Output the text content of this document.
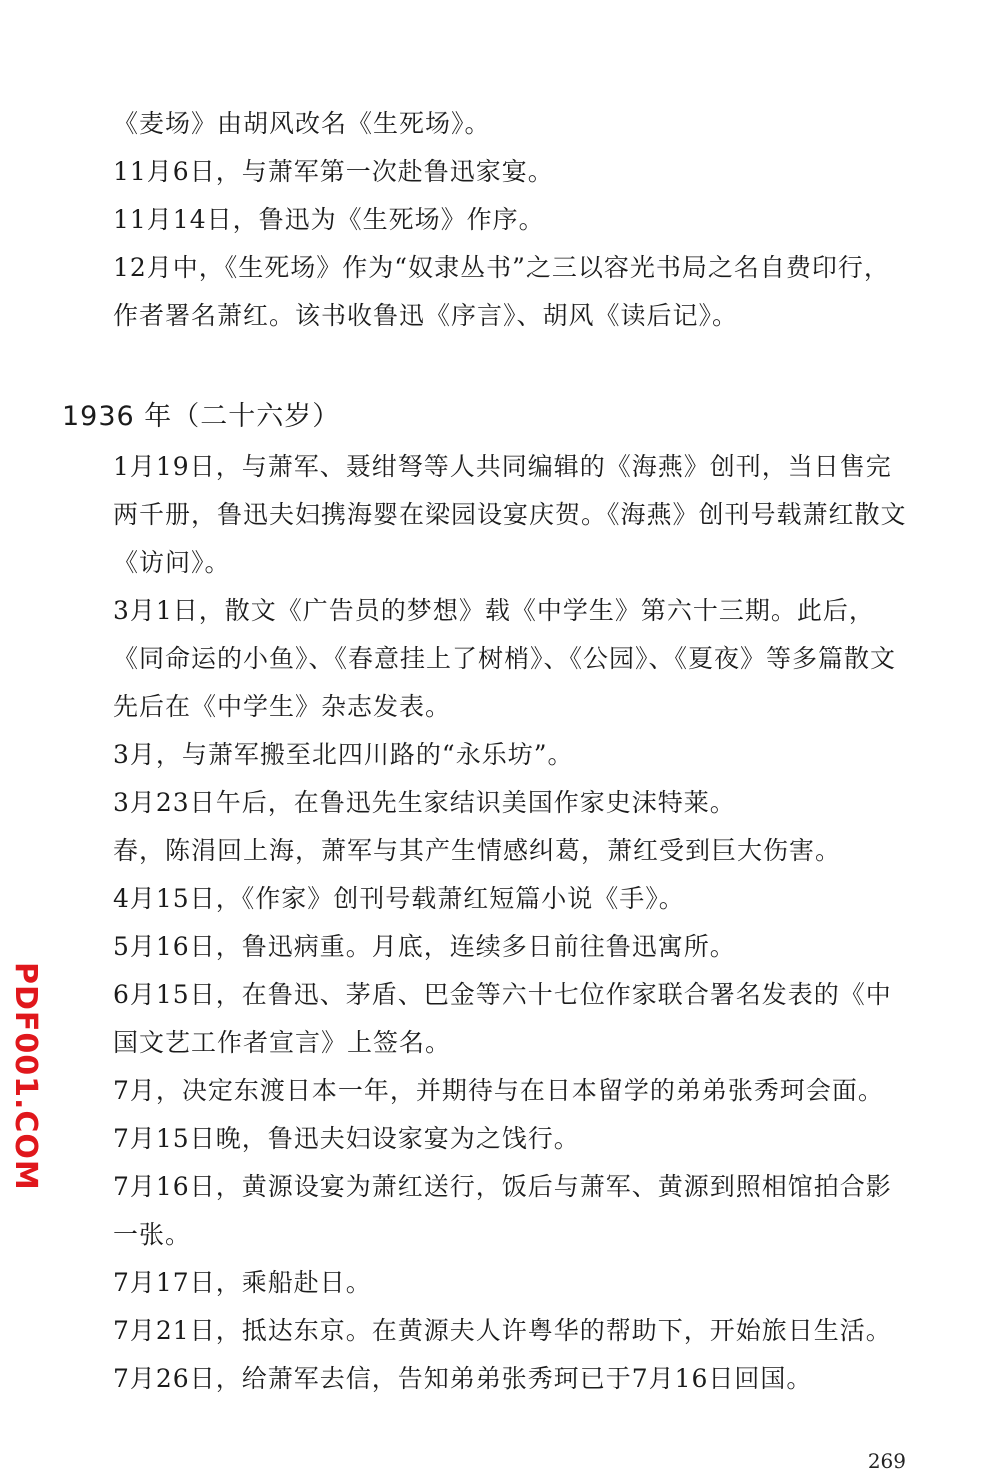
《麦场》由胡风改名《生死场》。
11月6日，与萧军第一次赴鲁迅家宴。
11月14日，鲁迅为《生死场》作序。
12月中，《生死场》作为“奴隶丛书”之三以容光书局之名自费印行，
作者署名萧红。该书收鲁迅《序言》、胡风《读后记》。
1月19日，与萧军、聂绀弩等人共同编辑的《海燕》创刊，当日售完
两千册，鲁迅夫妇携海婴在梁园设宴庆贺。《海燕》创刊号载萧红散文
《访问》。
3月1日，散文《广告员的梦想》载《中学生》第六十三期。此后，
《同命运的小鱼》、《春意挂上了树梢》、《公园》、《夏夜》等多篇散文
先后在《中学生》杂志发表。
3月，与萧军搬至北四川路的“永乐坊”。
3月23日午后，在鲁迅先生家结识美国作家史沫特莱。
春，陈涓回上海，萧军与其产生情感纠葛，萧红受到巨大伤害。
4月15日，《作家》创刊号载萧红短篇小说《手》。
5月16日，鲁迅病重。月底，连续多日前往鲁迅寓所。
6月15日，在鲁迅、茅盾、巴金等六十七位作家联合署名发表的《中
国文艺工作者宣言》上签名。
7月，决定东渡日本一年，并期待与在日本留学的弟弟张秀珂会面。
7月15日晚，鲁迅夫妇设家宴为之饯行。
7月16日，黄源设宴为萧红送行，饭后与萧军、黄源到照相馆拍合影
一张。
7月17日，乘船赴日。
7月21日，抵达东京。在黄源夫人许粤华的帮助下，开始旅日生活。
7月26日，给萧军去信，告知弟弟张秀珂已于7月16日回国。
1936 年（二十六岁）
PDF001.COM
269
